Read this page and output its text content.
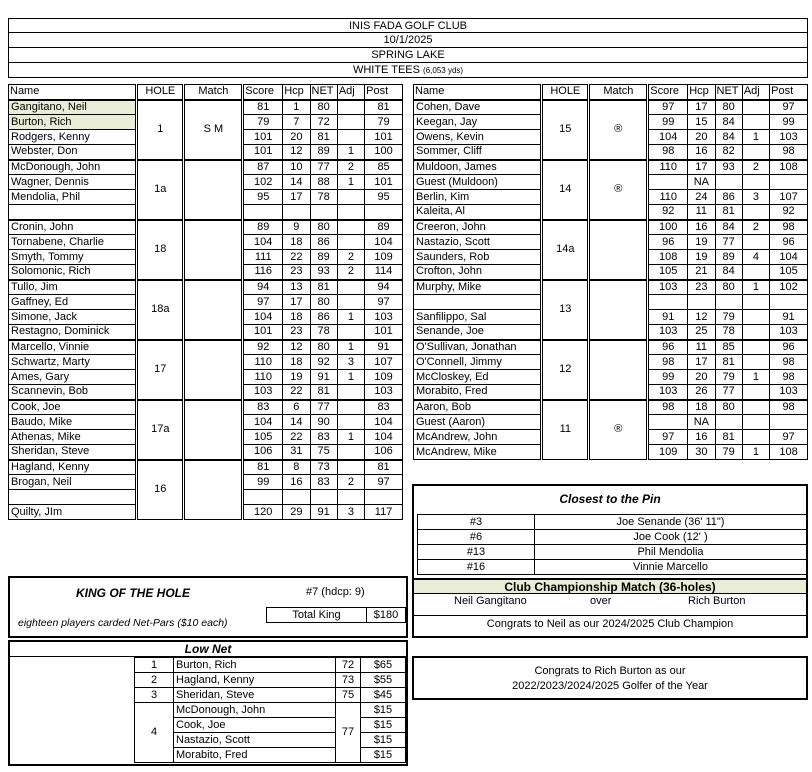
INIS FADA GOLF CLUB
10/1/2025
SPRING LAKE
WHITE TEES (6,053 yds)
Name	HOLE	Match	Score	Hcp	NET	Adj	Post
Gangitano, Neil	1	S M	81	1	80		81
Burton, Rich			79	7	72		79
Rodgers, Kenny			101	20	81		101
Webster, Don			101	12	89	1	100
McDonough, John	1a		87	10	77	2	85
Wagner, Dennis			102	14	88	1	101
Mendolia, Phil			95	17	78		95

Cronin, John	18		89	9	80		89
Tornabene, Charlie			104	18	86		104
Smyth, Tommy			111	22	89	2	109
Solomonic, Rich			116	23	93	2	114
Tullo, Jim	18a		94	13	81		94
Gaffney, Ed			97	17	80		97
Simone, Jack			104	18	86	1	103
Restagno, Dominick			101	23	78		101
Marcello, Vinnie	17		92	12	80	1	91
Schwartz, Marty			110	18	92	3	107
Ames, Gary			110	19	91	1	109
Scannevin, Bob			103	22	81		103
Cook, Joe	17a		83	6	77		83
Baudo, Mike			104	14	90		104
Athenas, Mike			105	22	83	1	104
Sheridan, Steve			106	31	75		106
Hagland, Kenny	16		81	8	73		81
Brogan, Neil			99	16	83	2	97

Quilty, JIm			120	29	91	3	117
Name	HOLE	Match	Score	Hcp	NET	Adj	Post
Cohen, Dave	15	®	97	17	80		97
Keegan, Jay			99	15	84		99
Owens, Kevin			104	20	84	1	103
Sommer, Cliff			98	16	82		98
Muldoon, James	14	®	110	17	93	2	108
Guest (Muldoon)				NA			
Berlin, Kim			110	24	86	3	107
Kaleita, Al			92	11	81		92
Creeron, John	14a		100	16	84	2	98
Nastazio, Scott			96	19	77		96
Saunders, Rob			108	19	89	4	104
Crofton, John			105	21	84		105
Murphy, Mike	13		103	23	80	1	102

Sanfilippo, Sal			91	12	79		91
Senande, Joe			103	25	78		103
O'Sullivan, Jonathan	12		96	11	85		96
O'Connell, Jimmy			98	17	81		98
McCloskey, Ed			99	20	79	1	98
Morabito, Fred			103	26	77		103
Aaron, Bob	11	®	98	18	80		98
Guest (Aaron)				NA			
McAndrew, John			97	16	81		97
McAndrew, Mike			109	30	79	1	108
Closest to the Pin
#3	Joe Senande (36' 11")
#6	Joe Cook (12' )
#13	Phil Mendolia
#16	Vinnie Marcello
KING OF THE HOLE	#7 (hdcp: 9)
Total King	$180
eighteen players carded Net-Pars ($10 each)
Club Championship Match (36-holes)
Neil Gangitano	over	Rich Burton
Congrats to Neil as our 2024/2025 Club Champion
Low Net
1	Burton, Rich	72	$65
2	Hagland, Kenny	73	$55
3	Sheridan, Steve	75	$45
4	77
McDonough, John	$15
Cook, Joe	$15
Nastazio, Scott	$15
Morabito, Fred	$15
Congrats to Rich Burton as our
2022/2023/2024/2025 Golfer of the Year
